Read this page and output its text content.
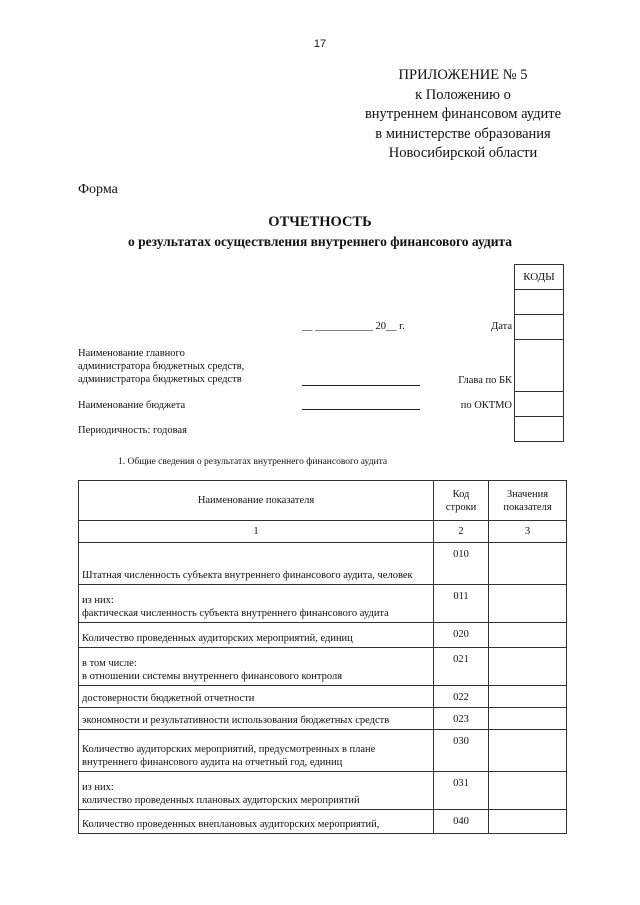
17
ПРИЛОЖЕНИЕ № 5
к Положению о
внутреннем финансовом аудите
в министерстве образования
Новосибирской области
Форма
ОТЧЕТНОСТЬ
о результатах осуществления внутреннего финансового аудита
КОДЫ

__ ___________ 20__ г.	Дата
Наименование главного
администратора бюджетных средств,
администратора бюджетных средств	Глава по БК
Наименование бюджета	по ОКТМО
Периодичность: годовая
1. Общие сведения о результатах внутреннего финансового аудита
Наименование показателя	Код строки	Значения показателя
1	2	3
Штатная численность субъекта внутреннего финансового аудита, человек	010	
из них:
фактическая численность субъекта внутреннего финансового аудита	011	
Количество проведенных аудиторских мероприятий, единиц	020	
в том числе:
в отношении системы внутреннего финансового контроля	021	
достоверности бюджетной отчетности	022	
экономности и результативности использования бюджетных средств	023	
Количество аудиторских мероприятий, предусмотренных в плане внутреннего финансового аудита на отчетный год, единиц	030	
из них:
количество проведенных плановых аудиторских мероприятий	031	
Количество проведенных внеплановых аудиторских мероприятий,	040	
